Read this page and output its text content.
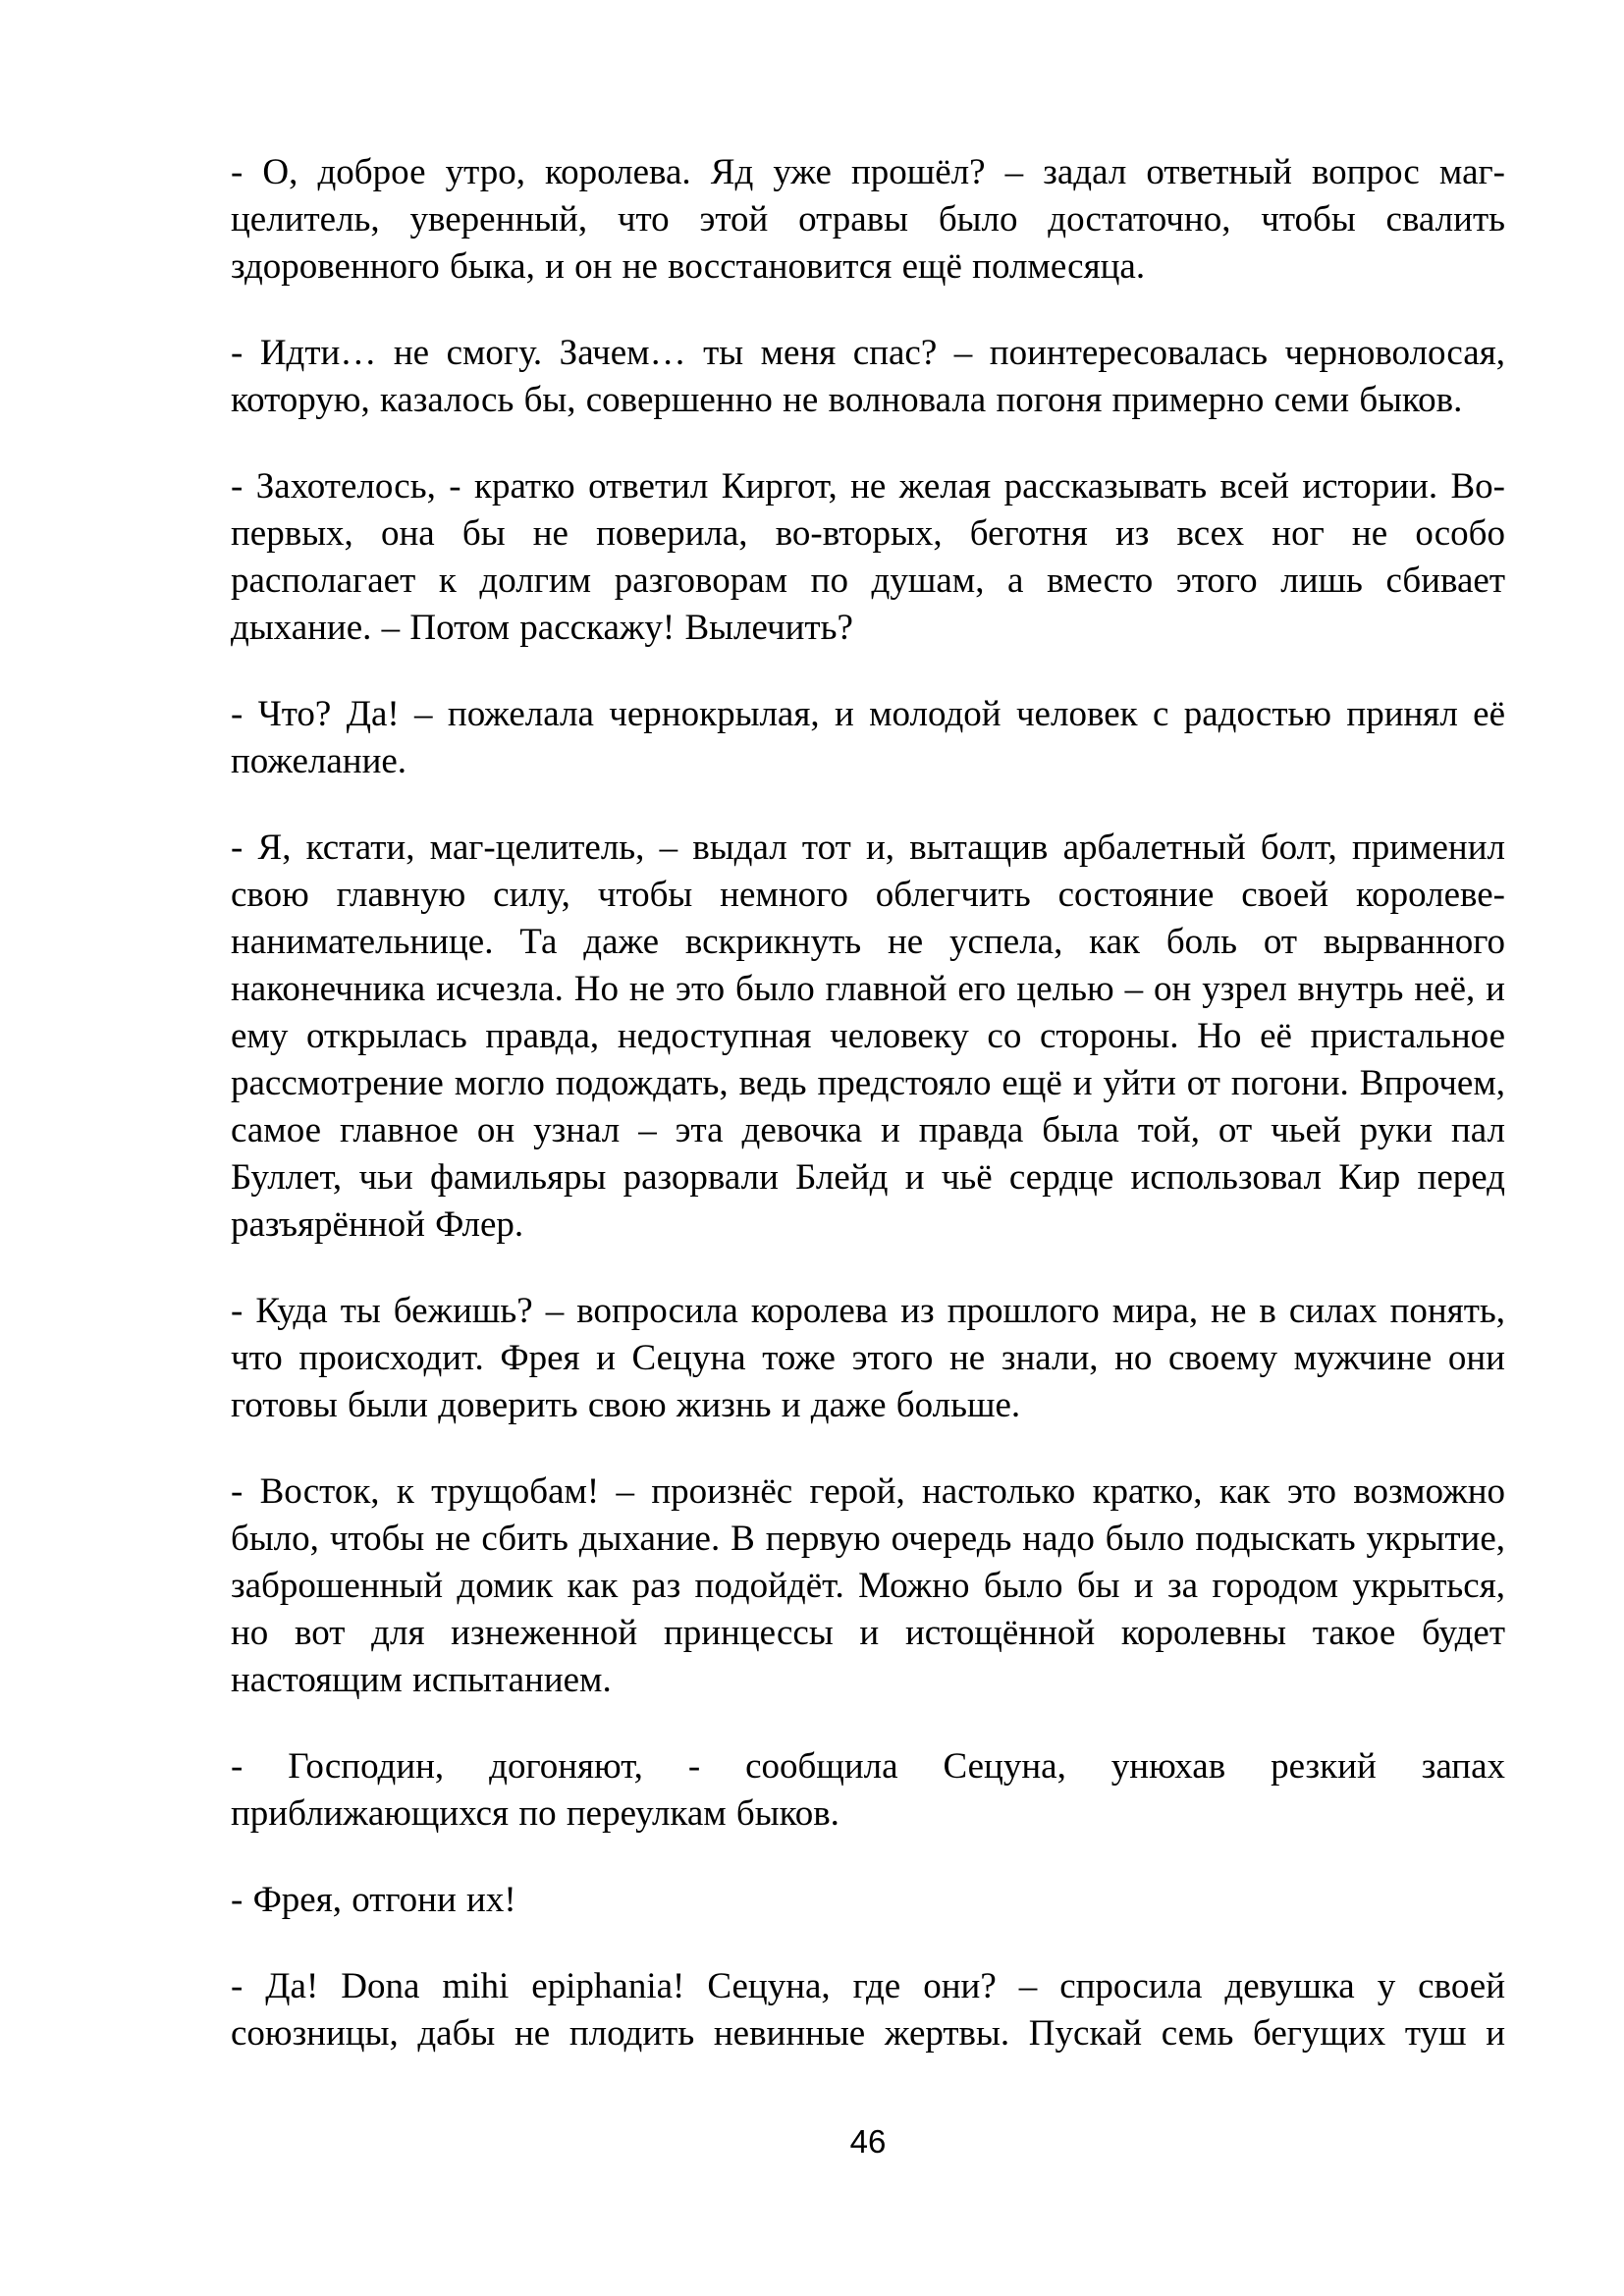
- О, доброе утро, королева. Яд уже прошёл? – задал ответный вопрос маг-целитель, уверенный, что этой отравы было достаточно, чтобы свалить здоровенного быка, и он не восстановится ещё полмесяца.
- Идти… не смогу. Зачем… ты меня спас? – поинтересовалась черноволосая, которую, казалось бы, совершенно не волновала погоня примерно семи быков.
- Захотелось, - кратко ответил Киргот, не желая рассказывать всей истории. Во-первых, она бы не поверила, во-вторых, беготня из всех ног не особо располагает к долгим разговорам по душам, а вместо этого лишь сбивает дыхание. – Потом расскажу! Вылечить?
- Что? Да! – пожелала чернокрылая, и молодой человек с радостью принял её пожелание.
- Я, кстати, маг-целитель, – выдал тот и, вытащив арбалетный болт, применил свою главную силу, чтобы немного облегчить состояние своей королеве-нанимательнице. Та даже вскрикнуть не успела, как боль от вырванного наконечника исчезла. Но не это было главной его целью – он узрел внутрь неё, и ему открылась правда, недоступная человеку со стороны. Но её пристальное рассмотрение могло подождать, ведь предстояло ещё и уйти от погони. Впрочем, самое главное он узнал – эта девочка и правда была той, от чьей руки пал Буллет, чьи фамильяры разорвали Блейд и чьё сердце использовал Кир перед разъярённой Флер.
- Куда ты бежишь? – вопросила королева из прошлого мира, не в силах понять, что происходит. Фрея и Сецуна тоже этого не знали, но своему мужчине они готовы были доверить свою жизнь и даже больше.
- Восток, к трущобам! – произнёс герой, настолько кратко, как это возможно было, чтобы не сбить дыхание. В первую очередь надо было подыскать укрытие, заброшенный домик как раз подойдёт. Можно было бы и за городом укрыться, но вот для изнеженной принцессы и истощённой королевны такое будет настоящим испытанием.
- Господин, догоняют, - сообщила Сецуна, унюхав резкий запах приближающихся по переулкам быков.
- Фрея, отгони их!
- Да! Dona mihi epiphania! Сецуна, где они? – спросила девушка у своей союзницы, дабы не плодить невинные жертвы. Пускай семь бегущих туш и
46
